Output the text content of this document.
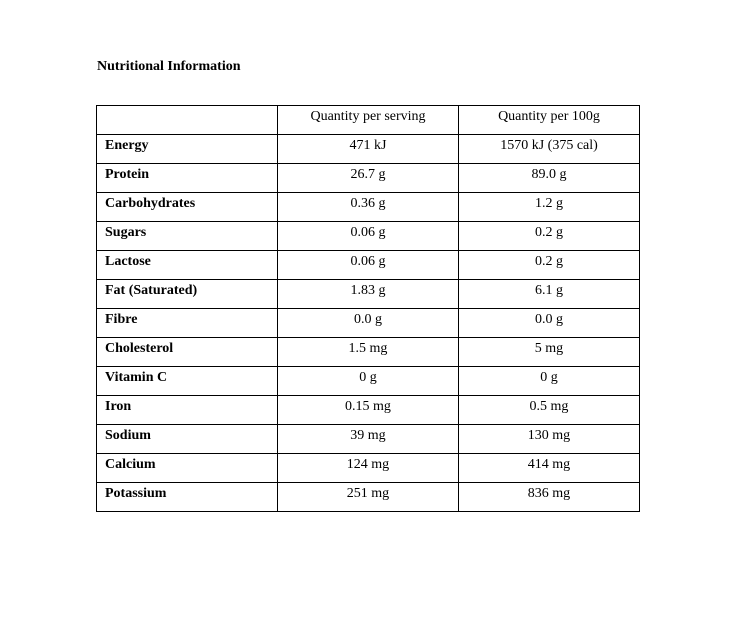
Nutritional Information
	Quantity per serving	Quantity per 100g
Energy	471 kJ	1570 kJ (375 cal)
Protein	26.7 g	89.0 g
Carbohydrates	0.36 g	1.2 g
Sugars	0.06 g	0.2 g
Lactose	0.06 g	0.2 g
Fat (Saturated)	1.83 g	6.1 g
Fibre	0.0 g	0.0 g
Cholesterol	1.5 mg	5 mg
Vitamin C	0 g	0 g
Iron	0.15 mg	0.5 mg
Sodium	39 mg	130 mg
Calcium	124 mg	414 mg
Potassium	251 mg	836 mg
